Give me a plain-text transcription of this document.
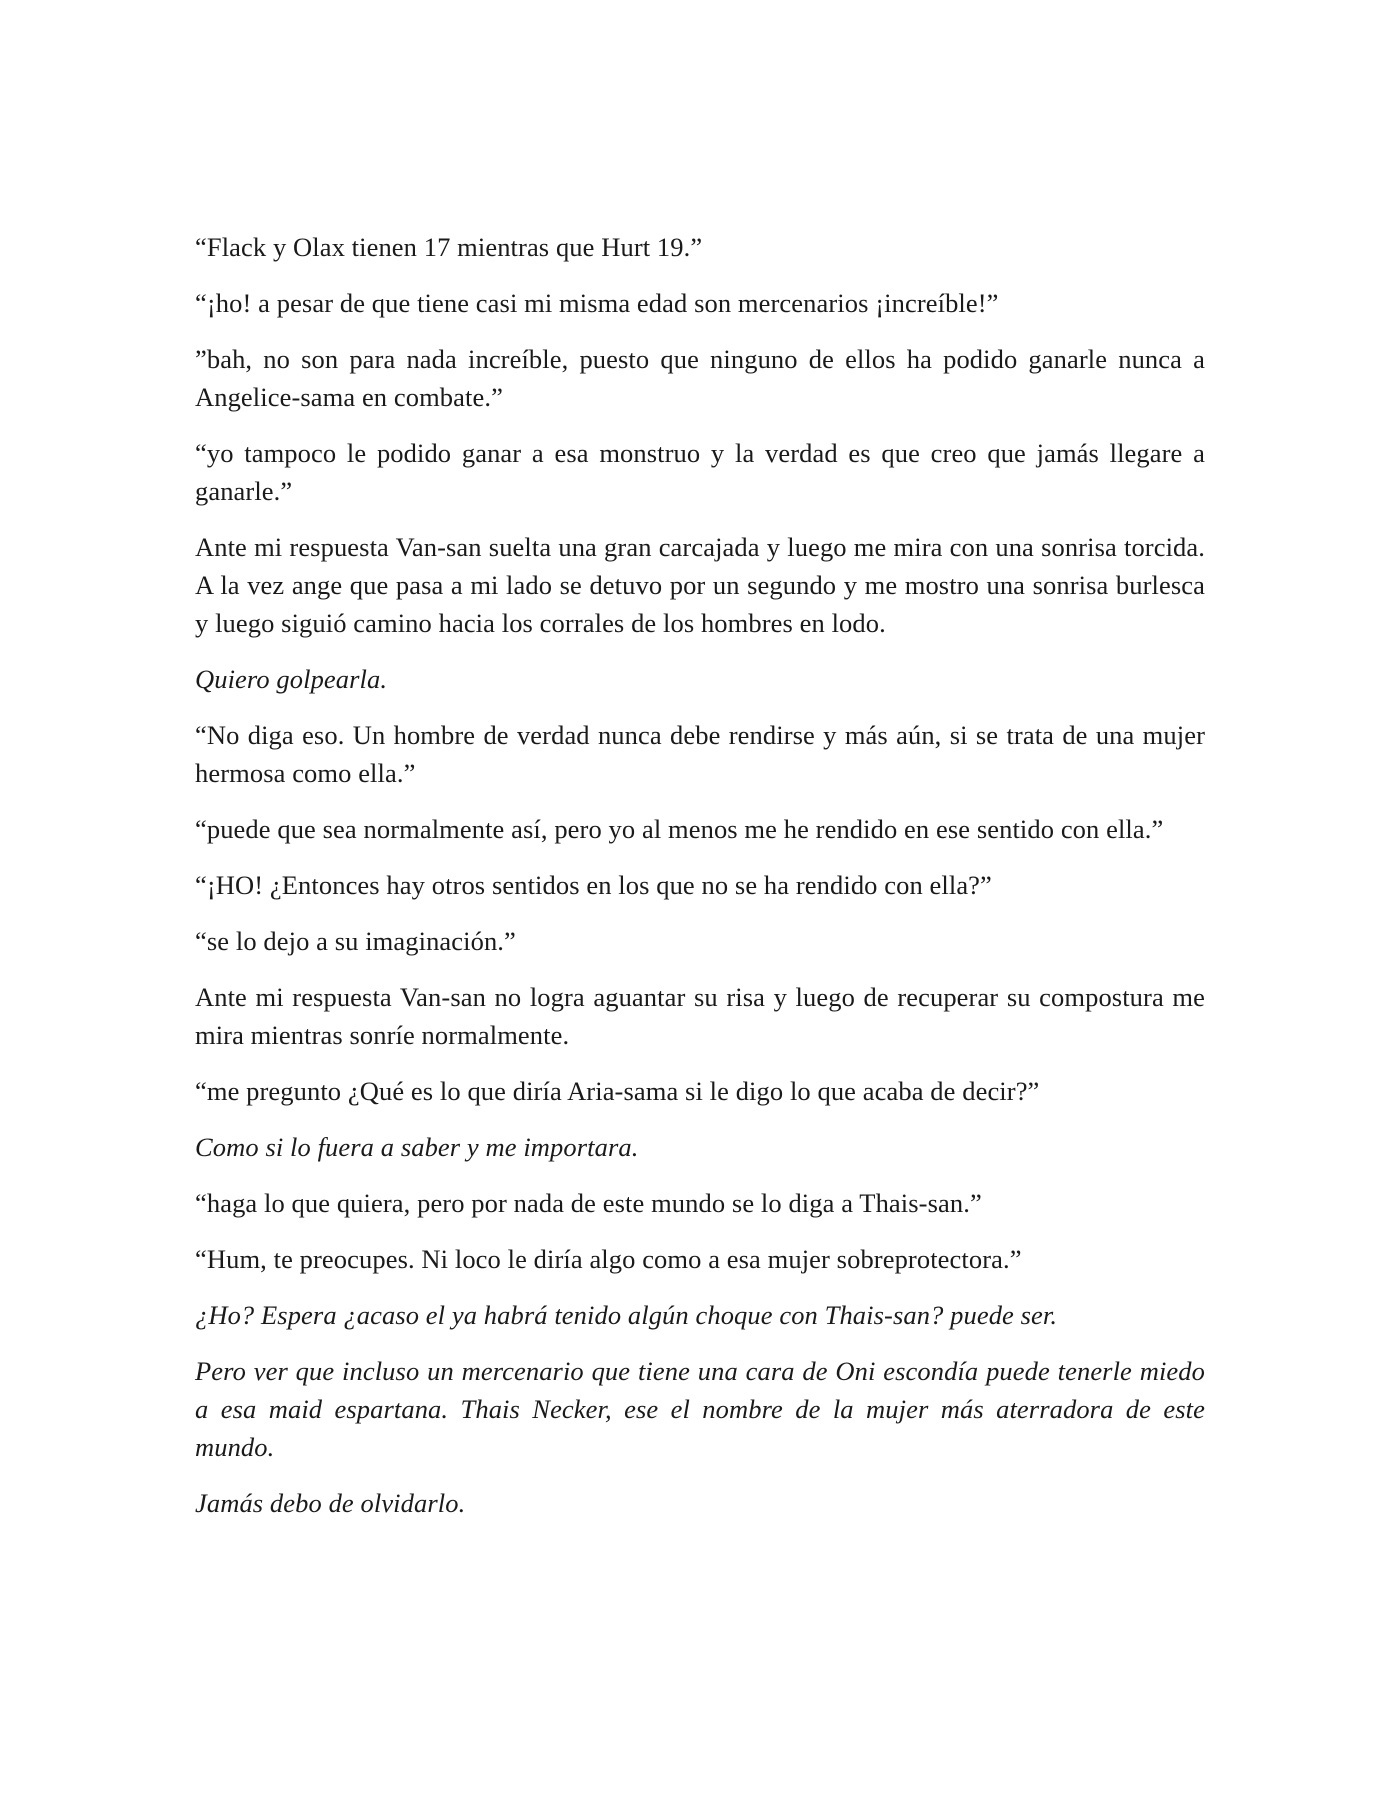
“Flack y Olax tienen 17 mientras que Hurt 19.”

“¡ho! a pesar de que tiene casi mi misma edad son mercenarios ¡increíble!”

”bah, no son para nada increíble, puesto que ninguno de ellos ha podido ganarle nunca a Angelice-sama en combate.”

“yo tampoco le podido ganar a esa monstruo y la verdad es que creo que jamás llegare a ganarle.”

Ante mi respuesta Van-san suelta una gran carcajada y luego me mira con una sonrisa torcida. A la vez ange que pasa a mi lado se detuvo por un segundo y me mostro una sonrisa burlesca y luego siguió camino hacia los corrales de los hombres en lodo.

Quiero golpearla.

“No diga eso. Un hombre de verdad nunca debe rendirse y más aún, si se trata de una mujer hermosa como ella.”

“puede que sea normalmente así, pero yo al menos me he rendido en ese sentido con ella.”

“¡HO! ¿Entonces hay otros sentidos en los que no se ha rendido con ella?”

“se lo dejo a su imaginación.”

Ante mi respuesta Van-san no logra aguantar su risa y luego de recuperar su compostura me mira mientras sonríe normalmente.

“me pregunto ¿Qué es lo que diría Aria-sama si le digo lo que acaba de decir?”

Como si lo fuera a saber y me importara.

“haga lo que quiera, pero por nada de este mundo se lo diga a Thais-san.”

“Hum, te preocupes. Ni loco le diría algo como a esa mujer sobreprotectora.”

¿Ho? Espera ¿acaso el ya habrá tenido algún choque con Thais-san? puede ser.

Pero ver que incluso un mercenario que tiene una cara de Oni escondía puede tenerle miedo a esa maid espartana. Thais Necker, ese el nombre de la mujer más aterradora de este mundo.

Jamás debo de olvidarlo.
